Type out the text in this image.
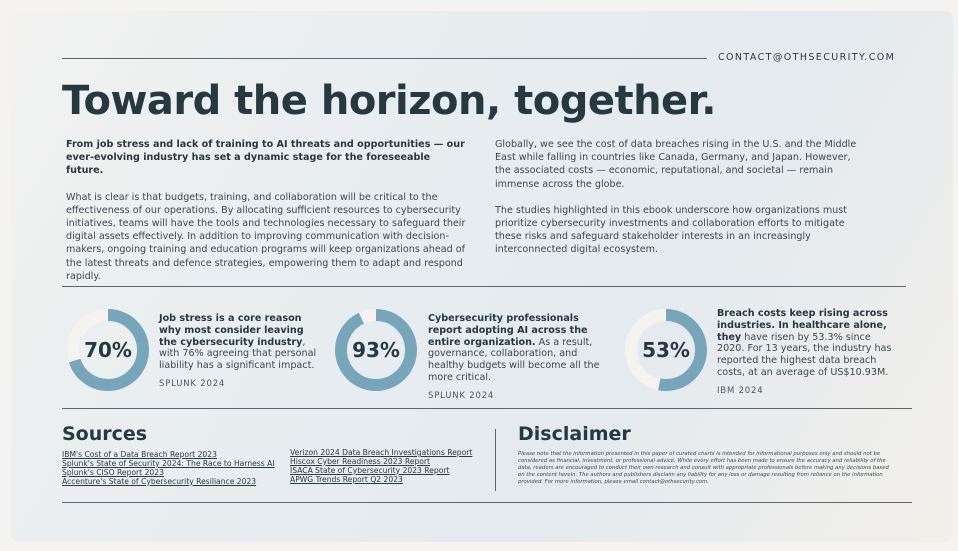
CONTACT@OTHSECURITY.COM
Toward the horizon, together.

From job stress and lack of training to AI threats and opportunities — our ever-evolving industry has set a dynamic stage for the foreseeable future.

What is clear is that budgets, training, and collaboration will be critical to the effectiveness of our operations. By allocating sufficient resources to cybersecurity initiatives, teams will have the tools and technologies necessary to safeguard their digital assets effectively. In addition to improving communication with decision-makers, ongoing training and education programs will keep organizations ahead of the latest threats and defence strategies, empowering them to adapt and respond rapidly.

Globally, we see the cost of data breaches rising in the U.S. and the Middle East while falling in countries like Canada, Germany, and Japan. However, the associated costs — economic, reputational, and societal — remain immense across the globe.

The studies highlighted in this ebook underscore how organizations must prioritize cybersecurity investments and collaboration efforts to mitigate these risks and safeguard stakeholder interests in an increasingly interconnected digital ecosystem.

70%
Job stress is a core reason why most consider leaving the cybersecurity industry, with 76% agreeing that personal liability has a significant impact.
SPLUNK 2024
93%
Cybersecurity professionals report adopting AI across the entire organization. As a result, governance, collaboration, and healthy budgets will become all the more critical.
SPLUNK 2024
53%
Breach costs keep rising across industries. In healthcare alone, they have risen by 53.3% since 2020. For 13 years, the industry has reported the highest data breach costs, at an average of US$10.93M.
IBM 2024
Sources
IBM's Cost of a Data Breach Report 2023
Splunk's State of Security 2024: The Race to Harness AI
Splunk's CISO Report 2023
Accenture's State of Cybersecurity Resiliance 2023
Verizon 2024 Data Breach Investigations Report
Hiscox Cyber Readiness 2023 Report
ISACA State of Cybersecurity 2023 Report
APWG Trends Report Q2 2023
Disclaimer
Please note that the information presented in this paper of curated charts is intended for informational purposes only and should not be considered as financial, investment, or professional advice. While every effort has been made to ensure the accuracy and reliability of the data, readers are encouraged to conduct their own research and consult with appropriate professionals before making any decisions based on the content herein. The authors and publishers disclaim any liability for any loss or damage resulting from reliance on the information provided. For more information, please email contact@othsecurity.com.
